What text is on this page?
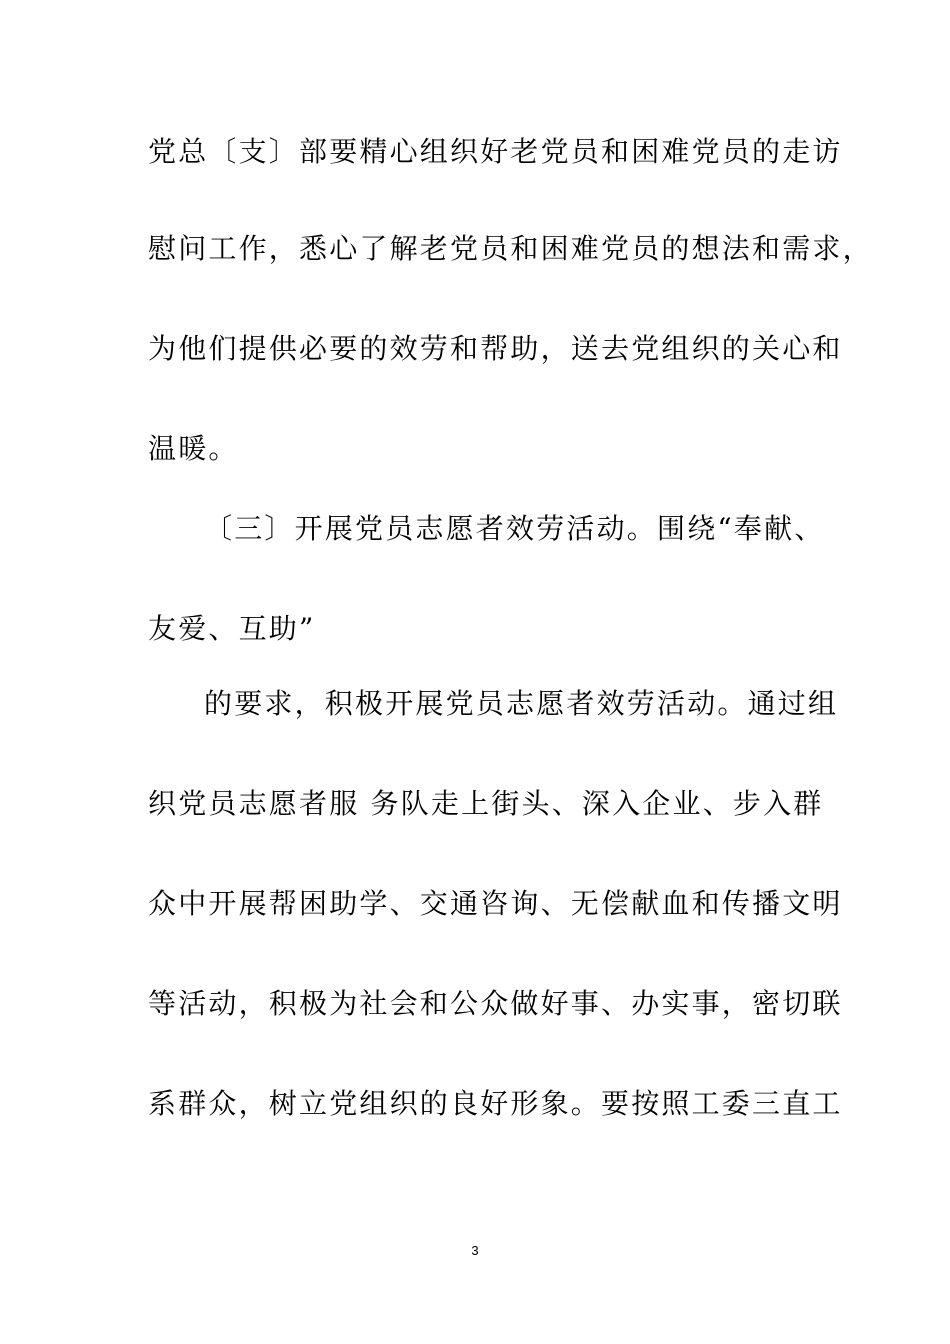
党总〔支〕部要精心组织好老党员和困难党员的走访
慰问工作，悉心了解老党员和困难党员的想法和需求，
为他们提供必要的效劳和帮助，送去党组织的关心和
温暖。
〔三〕开展党员志愿者效劳活动。围绕“奉献、
友爱、互助”
的要求，积极开展党员志愿者效劳活动。通过组
织党员志愿者服 务队走上街头、深入企业、步入群
众中开展帮困助学、交通咨询、无偿献血和传播文明
等活动，积极为社会和公众做好事、办实事，密切联
系群众，树立党组织的良好形象。要按照工委三直工
3
